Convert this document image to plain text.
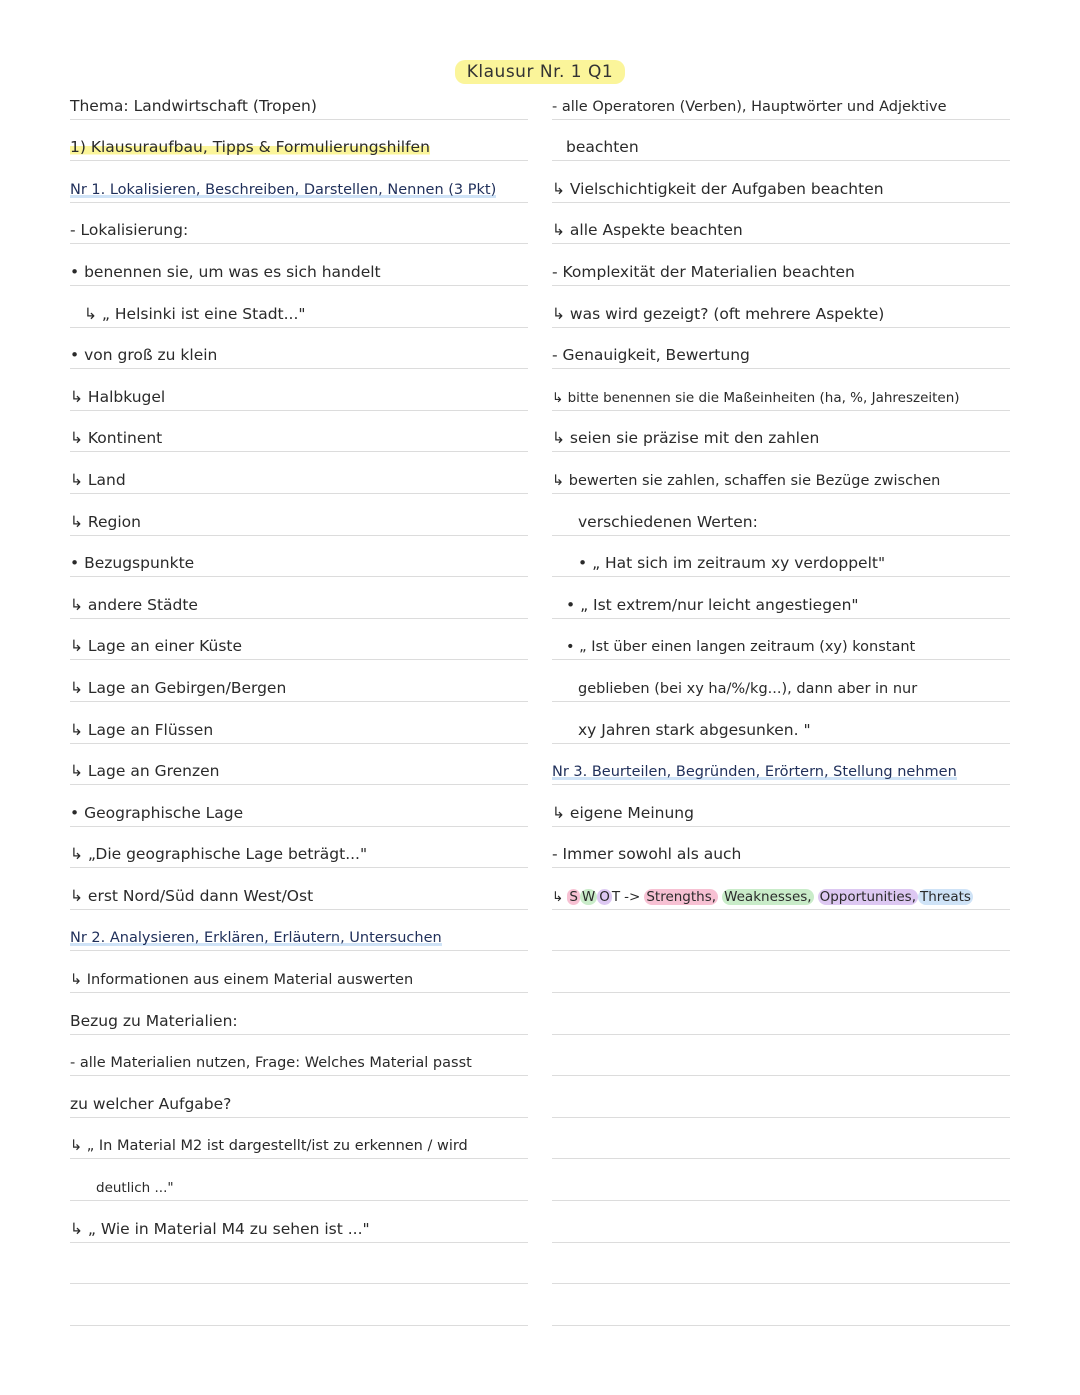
Klausur Nr. 1 Q1
Thema: Landwirtschaft (Tropen)
1) Klausuraufbau, Tipps & Formulierungshilfen
Nr 1. Lokalisieren, Beschreiben, Darstellen, Nennen (3 Pkt)
- Lokalisierung:
• benennen sie, um was es sich handelt
↳ „ Helsinki ist eine Stadt..."
• von groß zu klein
↳ Halbkugel
↳ Kontinent
↳ Land
↳ Region
• Bezugspunkte
↳ andere Städte
↳ Lage an einer Küste
↳ Lage an Gebirgen/Bergen
↳ Lage an Flüssen
↳ Lage an Grenzen
• Geographische Lage
↳ „Die geographische Lage beträgt..."
↳ erst Nord/Süd dann West/Ost
Nr 2. Analysieren, Erklären, Erläutern, Untersuchen
↳ Informationen aus einem Material auswerten
Bezug zu Materialien:
- alle Materialien nutzen, Frage: Welches Material passt
zu welcher Aufgabe?
↳ „ In Material M2 ist dargestellt/ist zu erkennen / wird
deutlich ..."
↳ „ Wie in Material M4 zu sehen ist ..."
- alle Operatoren (Verben), Hauptwörter und Adjektive
beachten
↳ Vielschichtigkeit der Aufgaben beachten
↳ alle Aspekte beachten
- Komplexität der Materialien beachten
↳ was wird gezeigt? (oft mehrere Aspekte)
- Genauigkeit, Bewertung
↳ bitte benennen sie die Maßeinheiten (ha, %, Jahreszeiten)
↳ seien sie präzise mit den zahlen
↳ bewerten sie zahlen, schaffen sie Bezüge zwischen
verschiedenen Werten:
• „ Hat sich im zeitraum xy verdoppelt"
• „ Ist extrem/nur leicht angestiegen"
• „ Ist über einen langen zeitraum (xy) konstant
geblieben (bei xy ha/%/kg...), dann aber in nur
xy Jahren stark abgesunken. "
Nr 3. Beurteilen, Begründen, Erörtern, Stellung nehmen
↳ eigene Meinung
- Immer sowohl als auch
↳ S W O T -> Strengths, Weaknesses, Opportunities, Threats
